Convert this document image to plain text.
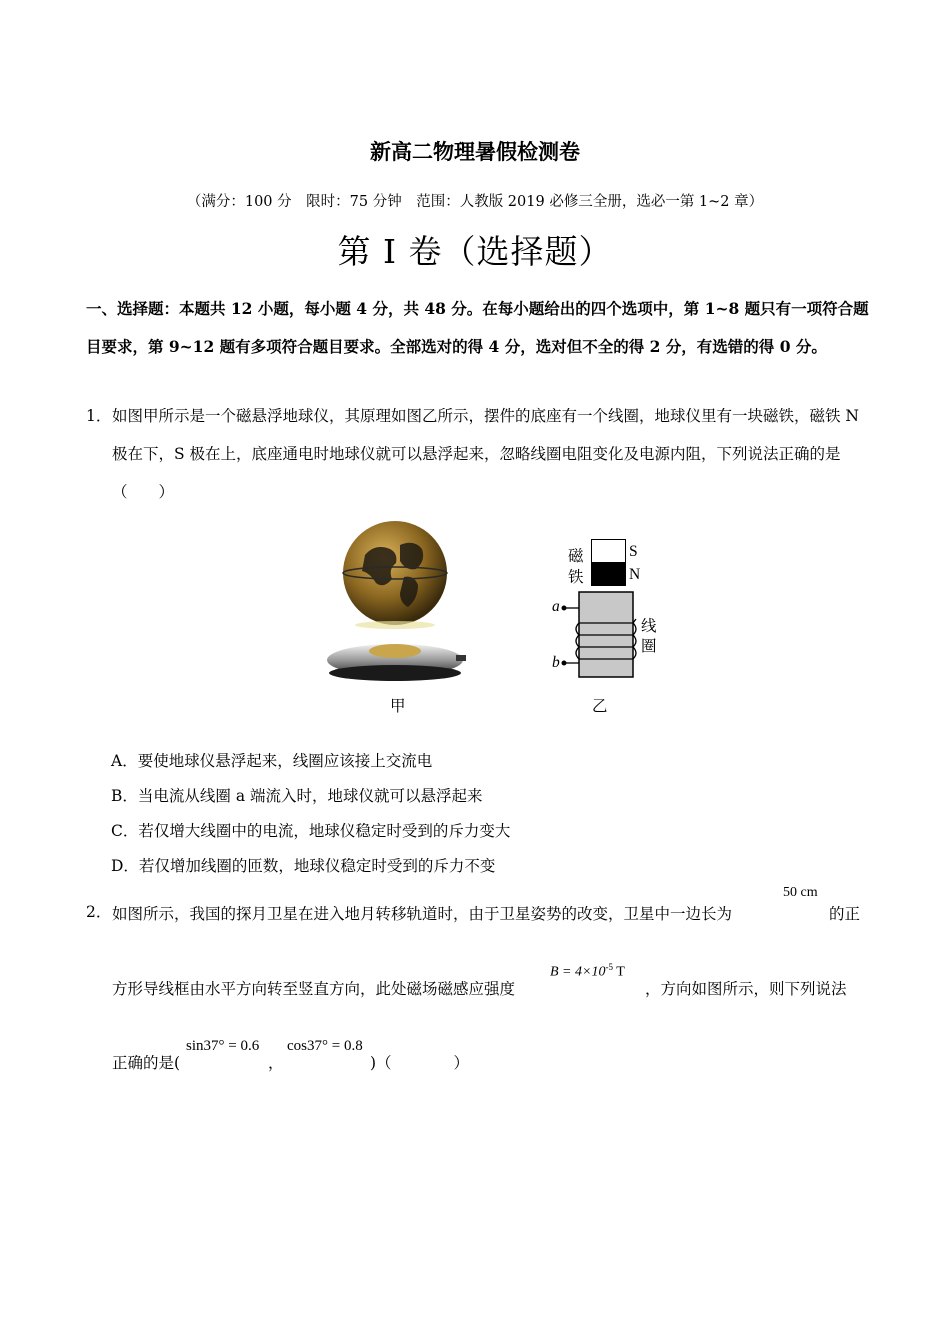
新高二物理暑假检测卷
（满分：100 分　限时：75 分钟　范围：人教版 2019 必修三全册，选必一第 1~2 章）
第 I 卷（选择题）
一、选择题：本题共 12 小题，每小题 4 分，共 48 分。在每小题给出的四个选项中，第 1~8 题只有一项符合题目要求，第 9~12 题有多项符合题目要求。全部选对的得 4 分，选对但不全的得 2 分，有选错的得 0 分。
1． 如图甲所示是一个磁悬浮地球仪，其原理如图乙所示，摆件的底座有一个线圈，地球仪里有一块磁铁，磁铁 N 极在下，S 极在上，底座通电时地球仪就可以悬浮起来，忽略线圈电阻变化及电源内阻，下列说法正确的是（　　）
磁
铁
S
N
a
b
线
圈
甲	乙
A．要使地球仪悬浮起来，线圈应该接上交流电
B．当电流从线圈 a 端流入时，地球仪就可以悬浮起来
C．若仅增大线圈中的电流，地球仪稳定时受到的斥力变大
D．若仅增加线圈的匝数，地球仪稳定时受到的斥力不变
2． 如图所示，我国的探月卫星在进入地月转移轨道时，由于卫星姿势的改变，卫星中一边长为
50 cm
的正
方形导线框由水平方向转至竖直方向，此处磁场磁感应强度
$B = 4\times 10^{-5}$ T
，方向如图所示，则下列说法
正确的是(
sin37° = 0.6
，
cos37° = 0.8
)（　　　　）
